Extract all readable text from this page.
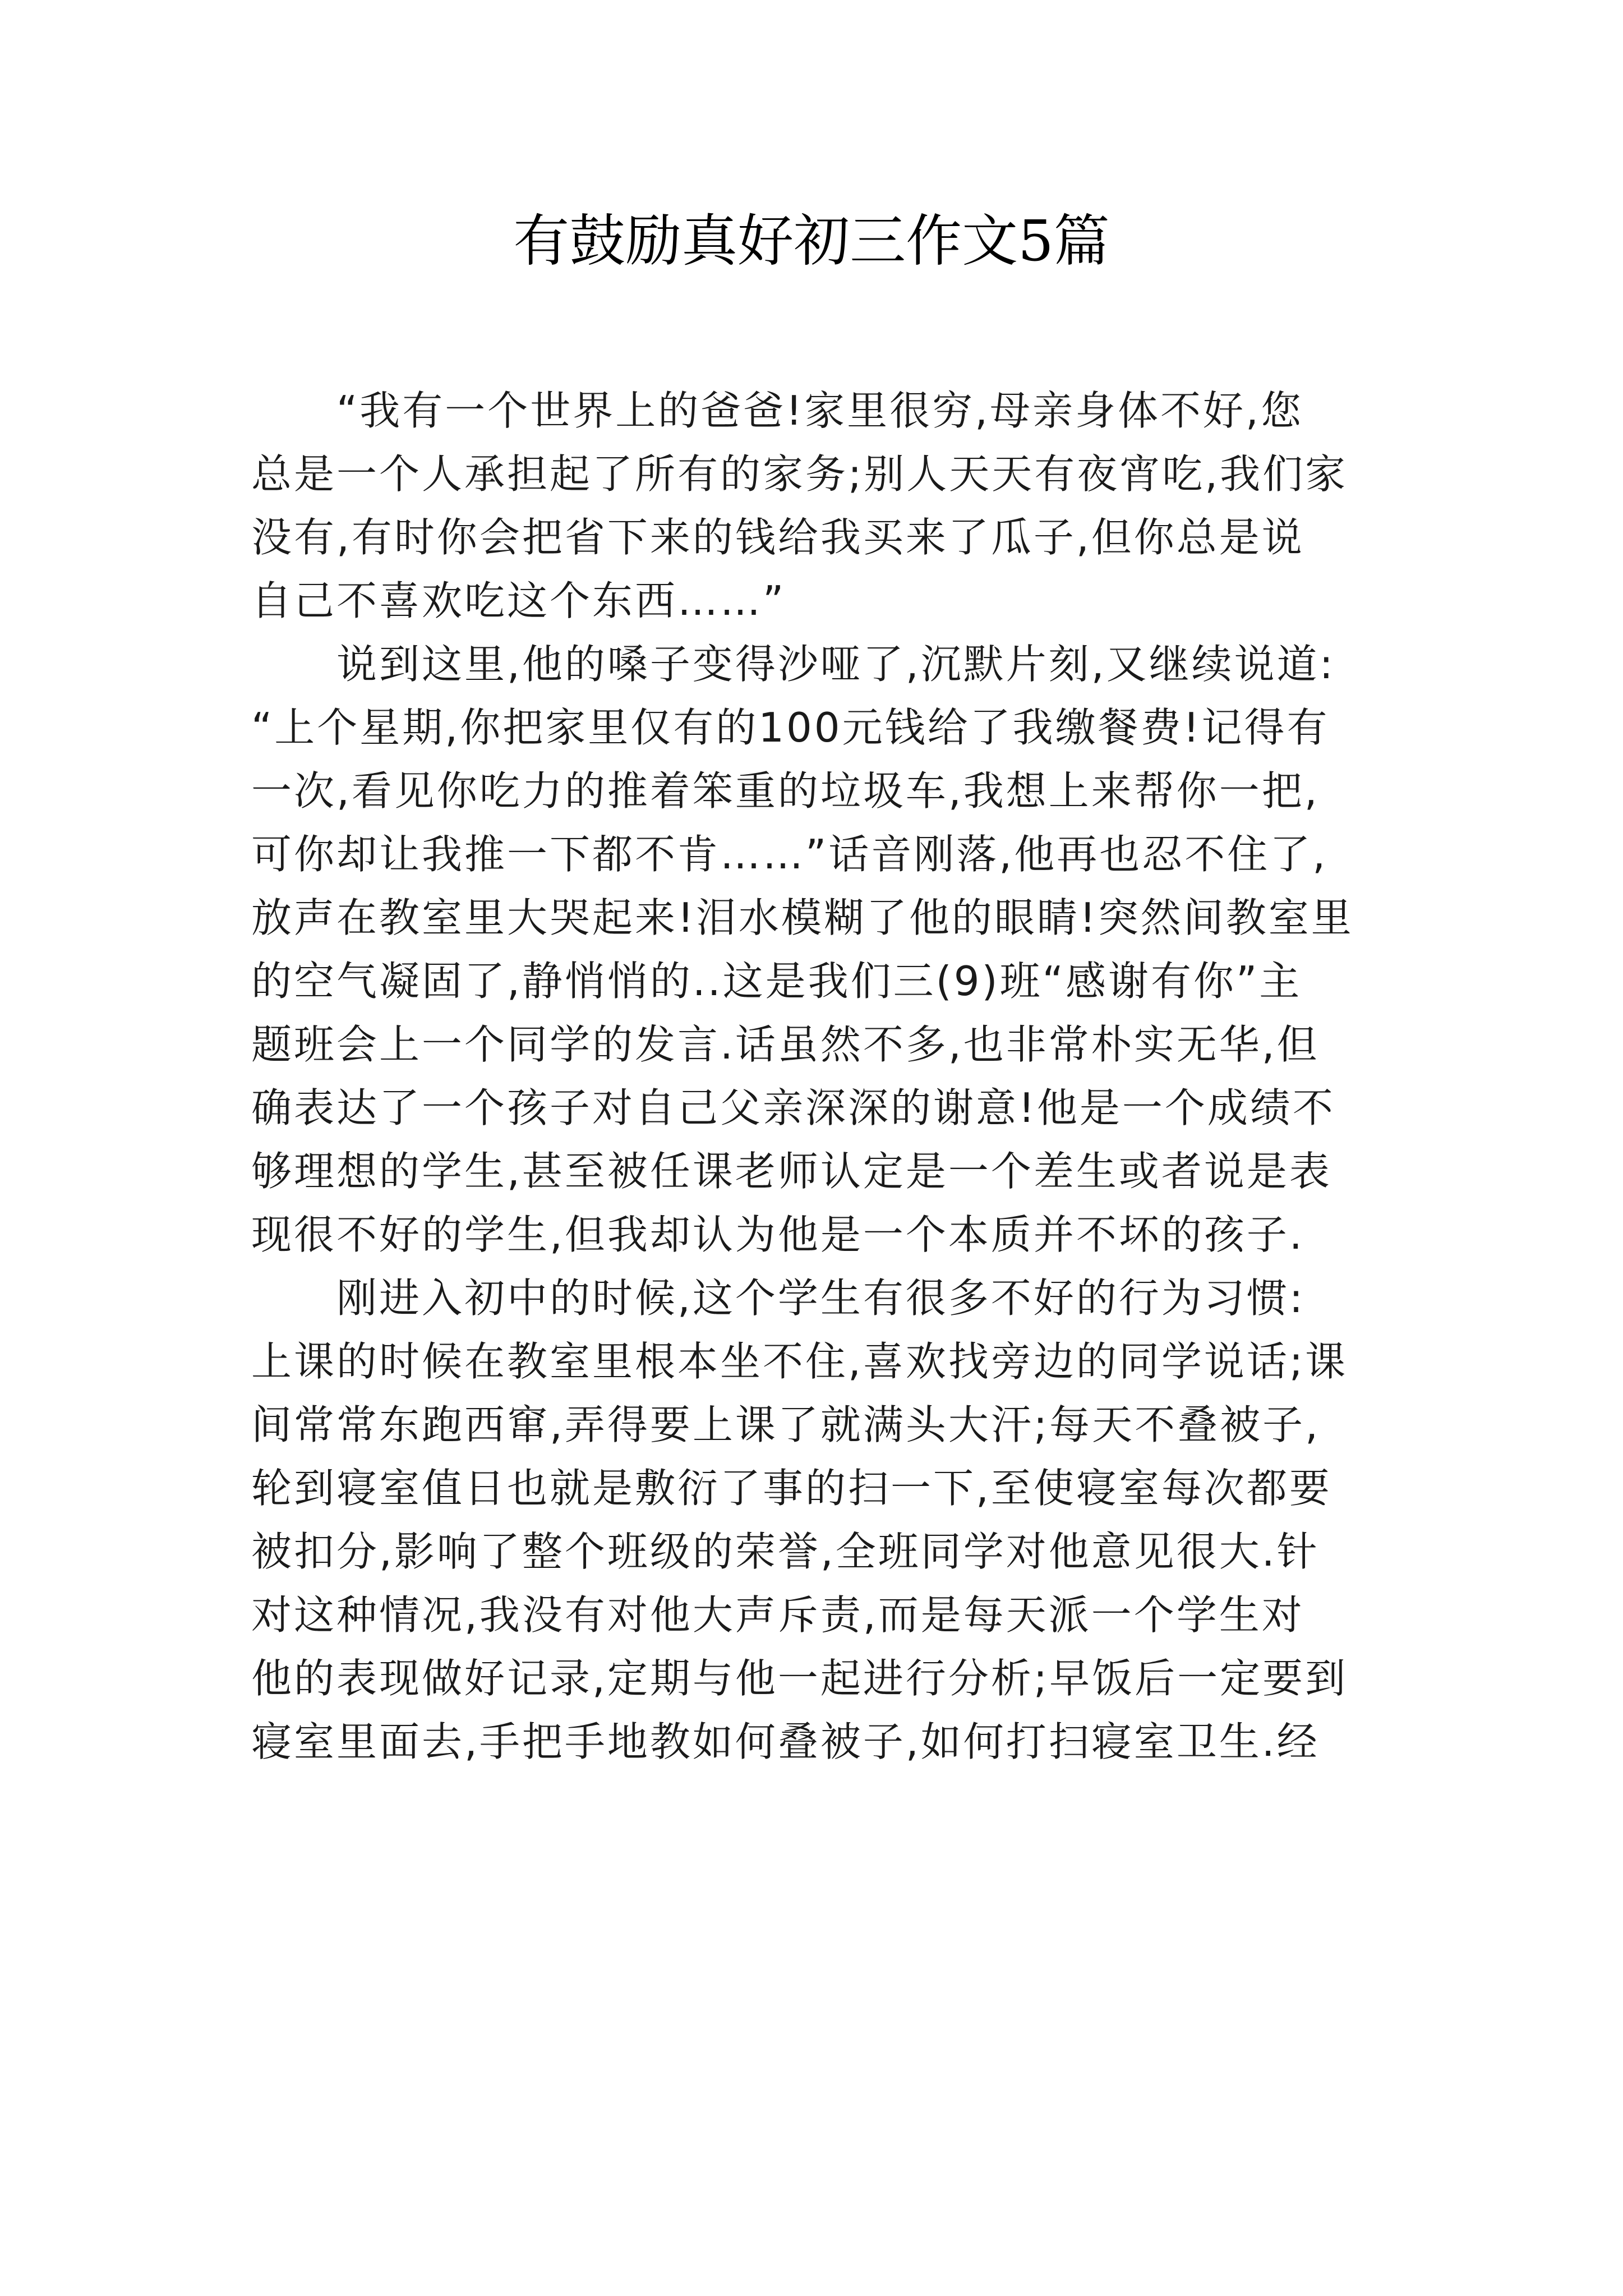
有鼓励真好初三作文5篇
“我有一个世界上的爸爸!家里很穷,母亲身体不好,您
总是一个人承担起了所有的家务;别人天天有夜宵吃,我们家
没有,有时你会把省下来的钱给我买来了瓜子,但你总是说
自己不喜欢吃这个东西……”
说到这里,他的嗓子变得沙哑了,沉默片刻,又继续说道:
“上个星期,你把家里仅有的100元钱给了我缴餐费!记得有
一次,看见你吃力的推着笨重的垃圾车,我想上来帮你一把,
可你却让我推一下都不肯……”话音刚落,他再也忍不住了,
放声在教室里大哭起来!泪水模糊了他的眼睛!突然间教室里
的空气凝固了,静悄悄的..这是我们三(9)班“感谢有你”主
题班会上一个同学的发言.话虽然不多,也非常朴实无华,但
确表达了一个孩子对自己父亲深深的谢意!他是一个成绩不
够理想的学生,甚至被任课老师认定是一个差生或者说是表
现很不好的学生,但我却认为他是一个本质并不坏的孩子.
刚进入初中的时候,这个学生有很多不好的行为习惯:
上课的时候在教室里根本坐不住,喜欢找旁边的同学说话;课
间常常东跑西窜,弄得要上课了就满头大汗;每天不叠被子,
轮到寝室值日也就是敷衍了事的扫一下,至使寝室每次都要
被扣分,影响了整个班级的荣誉,全班同学对他意见很大.针
对这种情况,我没有对他大声斥责,而是每天派一个学生对
他的表现做好记录,定期与他一起进行分析;早饭后一定要到
寝室里面去,手把手地教如何叠被子,如何打扫寝室卫生.经
